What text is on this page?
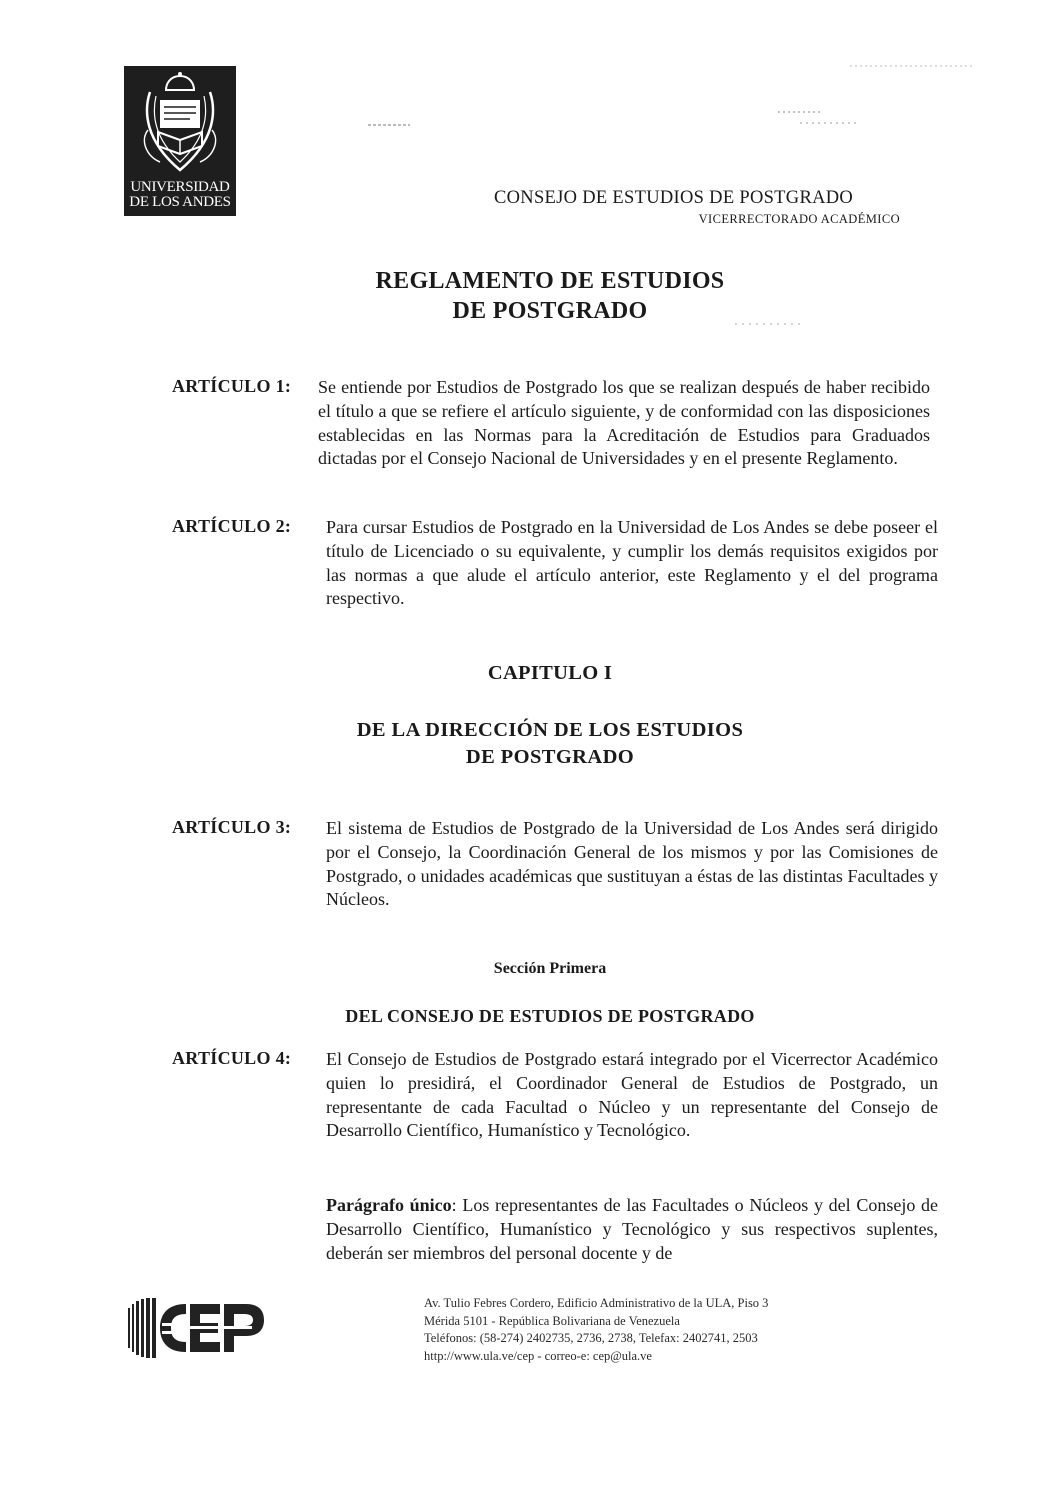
UNIVERSIDAD
DE LOS ANDES	CONSEJO DE ESTUDIOS DE POSTGRADO
VICERRECTORADO ACADÉMICO
REGLAMENTO DE ESTUDIOS
DE POSTGRADO
ARTÍCULO 1: Se entiende por Estudios de Postgrado los que se realizan después de haber recibido el título a que se refiere el artículo siguiente, y de conformidad con las disposiciones establecidas en las Normas para la Acreditación de Estudios para Graduados dictadas por el Consejo Nacional de Universidades y en el presente Reglamento.
ARTÍCULO 2: Para cursar Estudios de Postgrado en la Universidad de Los Andes se debe poseer el título de Licenciado o su equivalente, y cumplir los demás requisitos exigidos por las normas a que alude el artículo anterior, este Reglamento y el del programa respectivo.
CAPITULO I
DE LA DIRECCIÓN DE LOS ESTUDIOS
DE POSTGRADO
ARTÍCULO 3: El sistema de Estudios de Postgrado de la Universidad de Los Andes será dirigido por el Consejo, la Coordinación General de los mismos y por las Comisiones de Postgrado, o unidades académicas que sustituyan a éstas de las distintas Facultades y Núcleos.
Sección Primera
DEL CONSEJO DE ESTUDIOS DE POSTGRADO
ARTÍCULO 4: El Consejo de Estudios de Postgrado estará integrado por el Vicerrector Académico quien lo presidirá, el Coordinador General de Estudios de Postgrado, un representante de cada Facultad o Núcleo y un representante del Consejo de Desarrollo Científico, Humanístico y Tecnológico.
Parágrafo único: Los representantes de las Facultades o Núcleos y del Consejo de Desarrollo Científico, Humanístico y Tecnológico y sus respectivos suplentes, deberán ser miembros del personal docente y de
Av. Tulio Febres Cordero, Edificio Administrativo de la ULA, Piso 3
Mérida 5101 - República Bolivariana de Venezuela
Teléfonos: (58-274) 2402735, 2736, 2738, Telefax: 2402741, 2503
http://www.ula.ve/cep - correo-e: cep@ula.ve
